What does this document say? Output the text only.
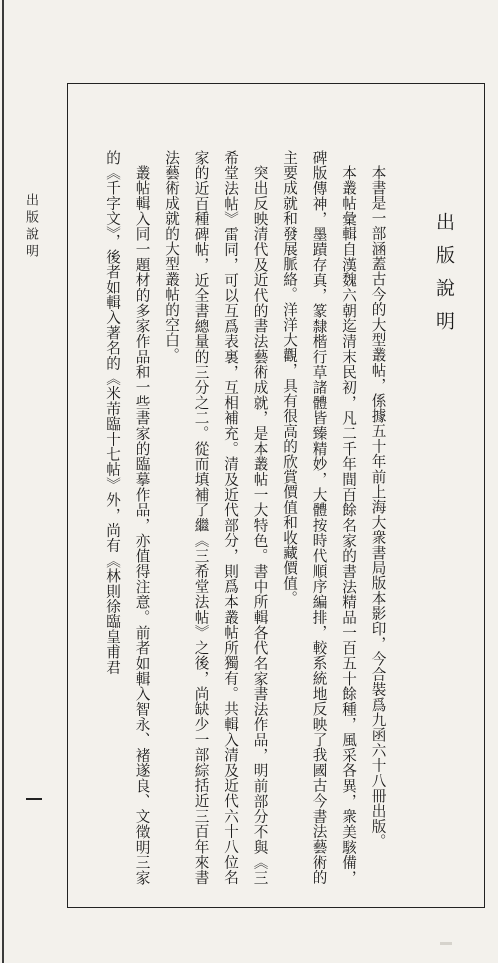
出版說明	出版說明
本書是一部涵蓋古今的大型叢帖，係據五十年前上海大衆書局版本影印，今合裝爲九函六十八冊出版。
本叢帖彙輯自漢魏六朝迄清末民初，凡二千年間百餘名家的書法精品一百五十餘種，風采各異，衆美駭備，碑版傳神，墨蹟存真，篆隸楷行草諸體皆臻精妙，大體按時代順序編排，較系統地反映了我國古今書法藝術的主要成就和發展脈絡。洋洋大觀，具有很高的欣賞價值和收藏價值。
突出反映清代及近代的書法藝術成就，是本叢帖一大特色。書中所輯各代名家書法作品，明前部分不與《三希堂法帖》雷同，可以互爲表裏，互相補充。清及近代部分，則爲本叢帖所獨有。共輯入清及近代六十八位名家的近百種碑帖，近全書總量的三分之二。從而填補了繼《三希堂法帖》之後，尚缺少一部綜括近三百年來書法藝術成就的大型叢帖的空白。
叢帖輯入同一題材的多家作品和一些書家的臨摹作品，亦值得注意。前者如輯入智永、褚遂良、文徵明三家的《千字文》，後者如輯入著名的《米芾臨十七帖》外，尚有《林則徐臨皇甫君
